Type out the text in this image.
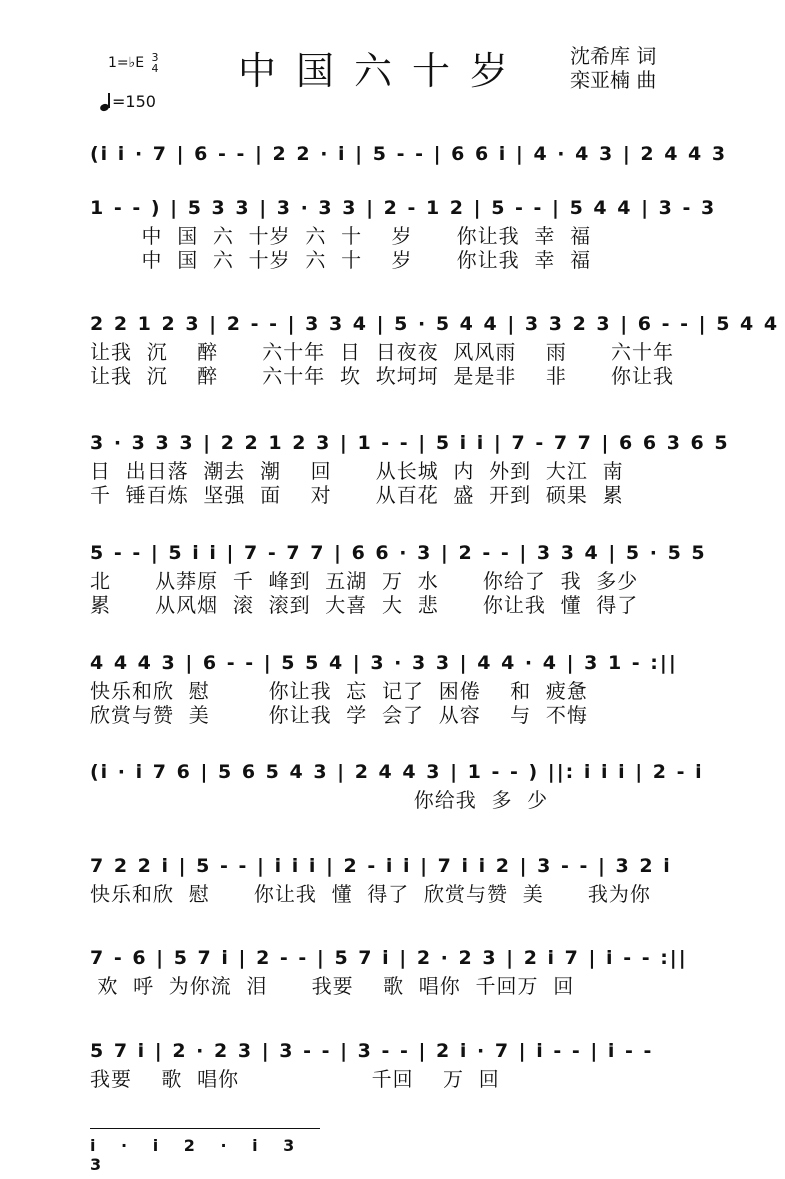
1=♭E 3
4
=150
中国六十岁 沈希库 词
栾亚楠 曲
(i i · 7 | 6 - - | 2 2 · i | 5 - - | 6 6 i | 4 · 4 3 | 2 4 4 3
1 - - ) | 5 3 3 | 3 · 3 3 | 2 - 1 2 | 5 - - | 5 4 4 | 3 - 3
中  国  六  十岁  六  十    岁      你让我  幸  福
中  国  六  十岁  六  十    岁      你让我  幸  福
2 2 1 2 3 | 2 - - | 3 3 4 | 5 · 5 4 4 | 3 3 2 3 | 6 - - | 5 4 4
让我  沉    醉      六十年  日  日夜夜  风风雨    雨      六十年
让我  沉    醉      六十年  坎  坎坷坷  是是非    非      你让我
3 · 3 3 3 | 2 2 1 2 3 | 1 - - | 5 i i | 7 - 7 7 | 6 6 3 6 5
日  出日落  潮去  潮    回      从长城  内  外到  大江  南
千  锤百炼  坚强  面    对      从百花  盛  开到  硕果  累
5 - - | 5 i i | 7 - 7 7 | 6 6 · 3 | 2 - - | 3 3 4 | 5 · 5 5
北      从莽原  千  峰到  五湖  万  水      你给了  我  多少
累      从风烟  滚  滚到  大喜  大  悲      你让我  懂  得了
4 4 4 3 | 6 - - | 5 5 4 | 3 · 3 3 | 4 4 · 4 | 3 1 - :||
快乐和欣  慰        你让我  忘  记了  困倦    和  疲惫
欣赏与赞  美        你让我  学  会了  从容    与  不悔
(i · i 7 6 | 5 6 5 4 3 | 2 4 4 3 | 1 - - ) ||: i i i | 2 - i
你给我  多  少
7 2 2 i | 5 - - | i i i | 2 - i i | 7 i i 2 | 3 - - | 3 2 i
快乐和欣  慰      你让我  懂  得了  欣赏与赞  美      我为你
7 - 6 | 5 7 i | 2 - - | 5 7 i | 2 · 2 3 | 2 i 7 | i - - :||
欢  呼  为你流  泪      我要    歌  唱你  千回万  回
5 7 i | 2 · 2 3 | 3 - - | 3 - - | 2 i · 7 | i - - | i - -
我要    歌  唱你                  千回    万  回
i · i 2 · i 3 3
